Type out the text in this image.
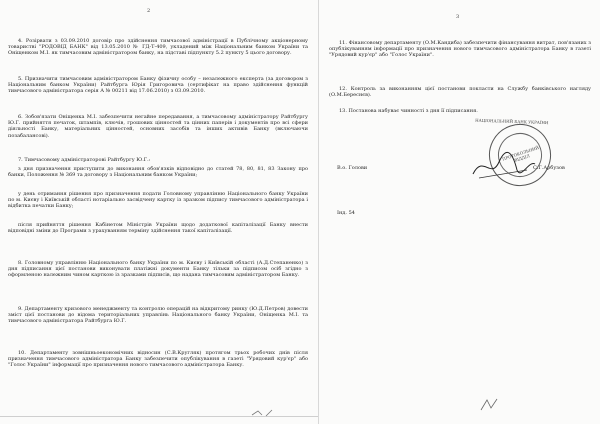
2
4. Розірвати з 03.09.2010 договір про здійснення тимчасової адміністрації в Публічному акціонерному товаристві "РОДОВІД БАНК" від 13.05.2010 № ГД-Т-409, укладений між Національним банком України та Оніщенком М.І. як тимчасовим адміністратором банку, на підставі підпункту 5.2 пункту 5 цього договору.
5. Призначити тимчасовим адміністратором Банку фізичну особу – незалежного експерта (за договором з Національним банком України) Райтбурга Юрія Григоровича (сертифікат на право здійснення функцій тимчасового адміністратора серія А № 00211 від 17.06.2010) з 03.09.2010.
6. Зобов'язати Оніщенка М.І. забезпечити негайне передавання, а тимчасовому адміністратору Райтбургу Ю.Г. прийняття печаток, штампів, ключів, грошових цінностей та цінних паперів і документів про всі сфери діяльності Банку, матеріальних цінностей, основних засобів та інших активів Банку (включаючи позабалансові).
7. Тимчасовому адміністраторові Райтбургу Ю.Г.:
з дня призначення приступити до виконання обов'язків відповідно до статей 78, 80, 81, 83 Закону про банки, Положення № 369 та договору з Національним банком України;
у день отримання рішення про призначення подати Головному управлінню Національного банку України по м. Києву і Київській області нотаріально засвідчену картку із зразком підпису тимчасового адміністратора і відбитка печатки Банку;
після прийняття рішення Кабінетом Міністрів України щодо додаткової капіталізації Банку внести відповідні зміни до Програми з урахуванням терміну здійснення такої капіталізації.
8. Головному управлінню Національного банку України по м. Києву і Київській області (А.Д.Степаненко) з дня підписання цієї постанови виконувати платіжні документи Банку тільки за підписом осіб згідно з оформленою належним чином карткою із зразками підписів, що надана тимчасовим адміністратором Банку.
9. Департаменту кризового менеджменту та контролю операцій на відкритому ринку (Ю.Д.Петров) довести зміст цієї постанови до відома територіальних управлінь Національного банку України, Оніщенка М.І. та тимчасового адміністратора Райтбурга Ю.Г.
10. Департаменту зовнішньоекономічних відносин (С.В.Кругляк) протягом трьох робочих днів після призначення тимчасового адміністратора Банку забезпечити опублікування в газеті "Урядовий кур'єр" або "Голос України" інформації про призначення нового тимчасового адміністратора Банку.
3
11. Фінансовому департаменту (О.М.Кандиба) забезпечити фінансування витрат, пов'язаних з опублікуванням інформації про призначення нового тимчасового адміністратора Банку в газеті "Урядовий кур'єр" або "Голос України".
12. Контроль за виконанням цієї постанови покласти на Службу банківського нагляду (О.М.Береснєв).
13. Постанова набуває чинності з дня її підписання.
В.о. Голови	С.Г.Арбузов
Інд. 54
НАЦІОНАЛЬНИЙ БАНК УКРАЇНИ
ПРОТОКОЛЬНИЙ ВІДДІЛ
